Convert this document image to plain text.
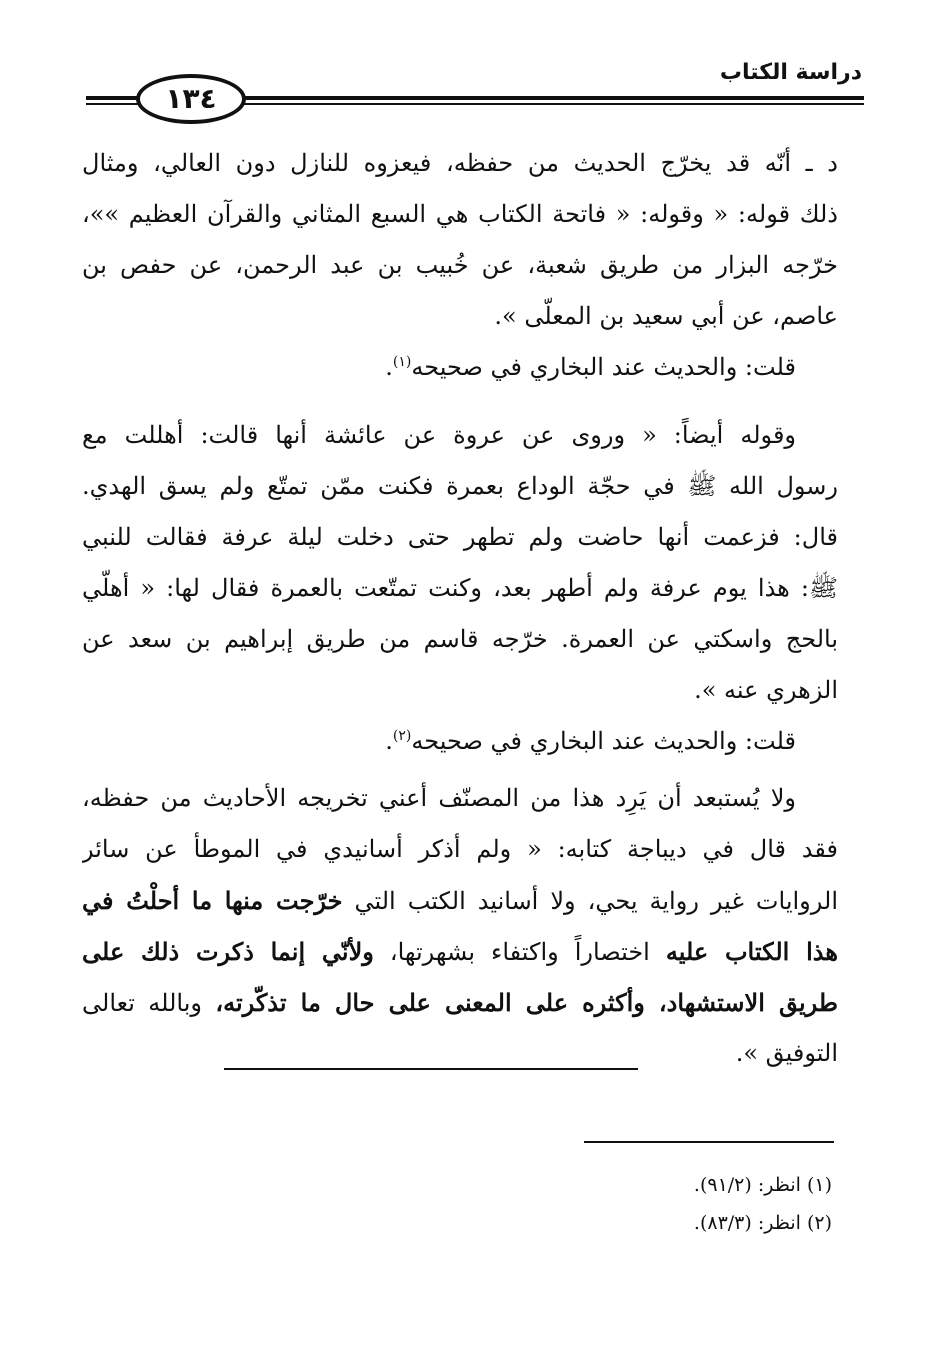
دراسة الكتاب
١٣٤
د ـ أنّه قد يخرّج الحديث من حفظه، فيعزوه للنازل دون العالي، ومثال
ذلك قوله: « وقوله: « فاتحة الكتاب هي السبع المثاني والقرآن العظيم »»،
خرّجه البزار من طريق شعبة، عن خُبيب بن عبد الرحمن، عن حفص بن
عاصم، عن أبي سعيد بن المعلّى ».
قلت: والحديث عند البخاري في صحيحه$^{(١)}$.
وقوله أيضاً: « وروى عن عروة عن عائشة أنها قالت: أهللت مع
رسول الله ﷺ في حجّة الوداع بعمرة فكنت ممّن تمتّع ولم يسق الهدي.
قال: فزعمت أنها حاضت ولم تطهر حتى دخلت ليلة عرفة فقالت للنبي
ﷺ: هذا يوم عرفة ولم أطهر بعد، وكنت تمتّعت بالعمرة فقال لها: « أهلّي
بالحج واسكتي عن العمرة. خرّجه قاسم من طريق إبراهيم بن سعد عن
الزهري عنه ».
قلت: والحديث عند البخاري في صحيحه$^{(٢)}$.
ولا يُستبعد أن يَرِد هذا من المصنّف أعني تخريجه الأحاديث من حفظه،
فقد قال في ديباجة كتابه: « ولم أذكر أسانيدي في الموطأ عن سائر
الروايات غير رواية يحي، ولا أسانيد الكتب التي خرّجت منها ما أحلْتُ في
هذا الكتاب عليه اختصاراً واكتفاء بشهرتها، ولأنّي إنما ذكرت ذلك على
طريق الاستشهاد، وأكثره على المعنى على حال ما تذكّرته، وبالله تعالى
التوفيق ».
(١) انظر: (٩١/٢).
(٢) انظر: (٨٣/٣).
